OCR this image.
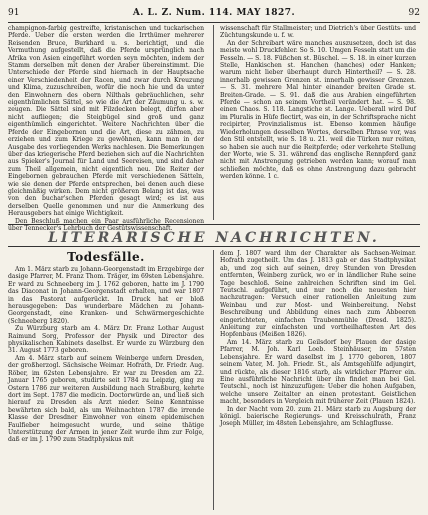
91	A. L. Z. Num. 114. MAY 1827.	92

champignon-farbig gestreifte, kristanischen und tuckarischen Pferde. Ueber die ersten werden die Irrthümer mehrerer Reisenden Bruce, Burkhard u. s. berichtigt, und die Vermuthung aufgestellt, daß die Pferde ursprünglich nach Afrika von Asien eingeführt worden seyn möchten, indem der Stamm derselben mit denen der Araber übereinstimmt. Die Unterschiede der Pferde sind hiernach in der Hauptsache einer Verschiedenheit der Racen, und zwar durch Kreuzung und Klima, zuzuschreiben, wofür die noch hie und da unter den Einwohnern des obern Nilthals gebräuchlichen, sehr eigenthümlichen Sättel, so wie die Art der Zäumung u. s. w. zeugen. Die Sättel sind mit Filzdecken belegt, dürfen aber nicht aufliegen; die Steigbügel sind groß und ganz eigenthümlich eingerichtet. Weitere Nachrichten über die Pferde der Eingebornen und die Art, diese zu zähmen, zu erziehen und zum Kriege zu gewöhnen, kann man in der Ausgabe des vorliegenden Werks nachlesen. Die Bemerkungen über das kriegerische Pferd beziehen sich auf die Nachrichten aus Spieker's Journal für Land und Seereisen, und sind daher zum Theil allgemein, nicht eigentlich neu. Die Reiter der Eingebornen gebrauchen Pferde mit verschiedenen Sätteln, wie sie denen der Pferde entsprechen, bei denen auch diese gleichmäßig wirken. Dem nicht größeren Belang ist das, was von den buchar'schen Pferden gesagt wird; es ist aus derselben Quelle genommen und nur die Anmerkung des Herausgebers hat einige Wichtigkeit.

Den Beschluß machen ein Paar ausführliche Recensionen über Tennecker's Lehrbuch der Gestütswissenschaft.

wissenschaft für Stallmeister; und Dietrich's über Gestüts- und Züchtungskunde u. f. w.

An der Schreibart wäre manches auszusetzen, doch ist das meiste wohl Druckfehler. So S. 10. Umgen Fesseln statt um die Fesseln. — S. 18. Füßchen st. Büschel. — S. 18. in einer kurzen Stelle, Hankischen st. Hanchen (hanches) oder Hanken; warum nicht lieber überhaupt durch Hintertheil? — S. 28. innerhalb gewissen Grenzen st. innerhalb gewisser Grenzen. — S. 31. mehrere Mal hinter einander breiten Grade st. Breiten-Grade. — S. 91. daß die aus Arabien eingeführten Pferde — schon an seinem Vortheil verändert hat. — S. 98. einen Chaos. S. 118. Langstiche st. Lange. Ueberall wird Duf im Pluralis in Hüfe flectirt, was ein, in der Schriftsprache nicht recipirter, Provinzialismus ist. Ebenso kommen häufige Wiederholungen desselben Wortes, derselben Phrase vor, was den Stil entstellt, wie S. 18 u. 21. weil die Türken nur reiten, so haben sie auch nur die Reitpferde; oder verkehrte Stellung der Worte, wie S. 31. während das englische Rennpferd ganz nicht mit Anstrengung getrieben werden kann; worauf man schließen möchte, daß es ohne Anstrengung dazu gebracht werden könne. 1 c.

LITERARISCHE NACHRICHTEN.
Todesfälle.

Am 1. März starb zu Johann-Georgenstadt im Erzgebirge der dasige Pfarrer, M. Franz Thom. Träger, im 69sten Lebensjahre. Er ward zu Schneeberg im J. 1762 geboren, hatte im J. 1790 das Diaconat in Johann-Georgenstadt erhalten, und war 1807 in das Pastorat aufgerückt. In Druck hat er bloß herausgegeben: Das wunderbare Mädchen zu Johann-Georgenstadt, eine Kranken- und Schwärmergeschichte (Schneeberg 1820).

Zu Würzburg starb am 4. März Dr. Franz Lothar August Raimund Sorg, Professor der Physik und Director des physikalischen Kabinets daselbst. Er wurde zu Würzburg den 31. August 1773 geboren.

Am 4. März starb auf seinem Weinberge unfern Dresden, der großherzogl. Sächsische Weimar. Hofrath, Dr. Friedr. Aug. Röber, im 62sten Lebensjahre. Er war zu Dresden am 22. Januar 1765 geboren, studirte seit 1784 zu Leipzig, ging zu Ostern 1786 zur weiteren Ausbildung nach Straßburg, kehrte dort im Sept. 1787 die medicin. Doctorwürde an, und ließ sich hierauf zu Dresden als Arzt nieder. Seine Kenntnisse bewährten sich bald, als um Weihnachten 1787 die irrende Klasse der Dresdner Einwohner von einem epidemischen Faulfieber heimgesucht wurde, und seine thätige Unterstützung der Armen in jener Zeit wurde ihm zur Folge, daß er im J. 1790 zum Stadtphysikus mit

dem J. 1807 ward ihm der Charakter als Sachsen-Weimar. Hofrath zugetheilt. Um das J. 1813 gab er das Stadtphysikat ab, und zog sich auf seinen, drey Stunden von Dresden entfernten, Weinberg zurück, wo er in ländlicher Ruhe seine Tage beschloß. Seine zahlreichen Schriften sind im Gel. Teutschl. aufgeführt, und nur noch die neuesten hier nachzutragen: Versuch einer rationellen Anleitung zum Weinbau und zur Most- und Weinbereitung. Nebst Beschreibung und Abbildung eines nach zum Abbeeren eingerichteten, einfachen Traubenmühle (Dresd. 1825). Anleitung zur einfachsten und vortheilhaftesten Art des Hopfenbaus (Meißen 1826).

Am 14. März starb zu Geilsdorf bey Plauen der dasige Pfarrer, M. Joh. Karl Loeb. Steinhäuser, im 57sten Lebensjahre. Er ward daselbst im J. 1770 geboren, 1807 seinem Vater, M. Joh. Friedr. St., als Amtsgehülfe adjungirt, und rückte, als dieser 1816 starb, als wirklicher Pfarrer ein. Eine ausführliche Nachricht über ihn findet man bei Gel. Teutschl., noch ist hinzuzufügen: Ueber die hohen Aufgaben, welche unsere Zeitalter an einen protestant. Geistlichen macht, besonders in Vergleich mit früherer Zeit (Plauen 1824).

In der Nacht vom 20. zum 21. März starb zu Augsburg der königl. baierische Regierungs- und Kreisschulrath, Franz Joseph Müller, im 48sten Lebensjahre, am Schlagflusse.
